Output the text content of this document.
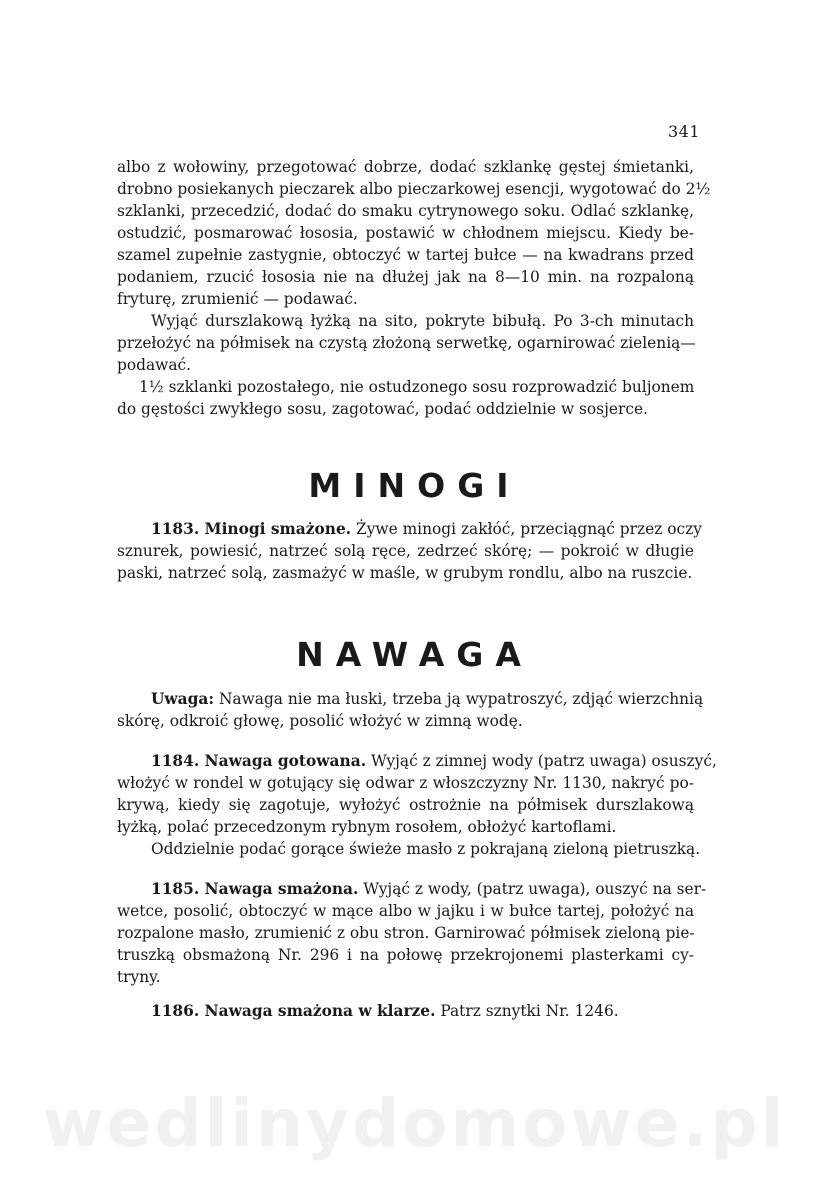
341
albo z wołowiny, przegotować dobrze, dodać szklankę gęstej śmietanki,
drobno posiekanych pieczarek albo pieczarkowej esencji, wygotować do 2½
szklanki, przecedzić, dodać do smaku cytrynowego soku. Odlać szklankę,
ostudzić, posmarować łososia, postawić w chłodnem miejscu. Kiedy be-
szamel zupełnie zastygnie, obtoczyć w tartej bułce — na kwadrans przed
podaniem, rzucić łososia nie na dłużej jak na 8—10 min. na rozpaloną
fryturę, zrumienić — podawać.
Wyjąć durszlakową łyżką na sito, pokryte bibułą. Po 3-ch minutach
przełożyć na półmisek na czystą złożoną serwetkę, ogarnirować zielenią—
podawać.
1½ szklanki pozostałego, nie ostudzonego sosu rozprowadzić buljonem
do gęstości zwykłego sosu, zagotować, podać oddzielnie w sosjerce.
MINOGI
1183. Minogi smażone. Żywe minogi zakłóć, przeciągnąć przez oczy
sznurek, powiesić, natrzeć solą ręce, zedrzeć skórę; — pokroić w długie
paski, natrzeć solą, zasmażyć w maśle, w grubym rondlu, albo na ruszcie.
NAWAGA
Uwaga: Nawaga nie ma łuski, trzeba ją wypatroszyć, zdjąć wierzchnią
skórę, odkroić głowę, posolić włożyć w zimną wodę.
1184. Nawaga gotowana. Wyjąć z zimnej wody (patrz uwaga) osuszyć,
włożyć w rondel w gotujący się odwar z włoszczyzny Nr. 1130, nakryć po-
krywą, kiedy się zagotuje, wyłożyć ostrożnie na półmisek durszlakową
łyżką, polać przecedzonym rybnym rosołem, obłożyć kartoflami.
Oddzielnie podać gorące świeże masło z pokrajaną zieloną pietruszką.
1185. Nawaga smażona. Wyjąć z wody, (patrz uwaga), ouszyć na ser-
wetce, posolić, obtoczyć w mące albo w jajku i w bułce tartej, położyć na
rozpalone masło, zrumienić z obu stron. Garnirować półmisek zieloną pie-
truszką obsmażoną Nr. 296 i na połowę przekrojonemi plasterkami cy-
tryny.
1186. Nawaga smażona w klarze. Patrz sznytki Nr. 1246.
wedlinydomowe.pl
